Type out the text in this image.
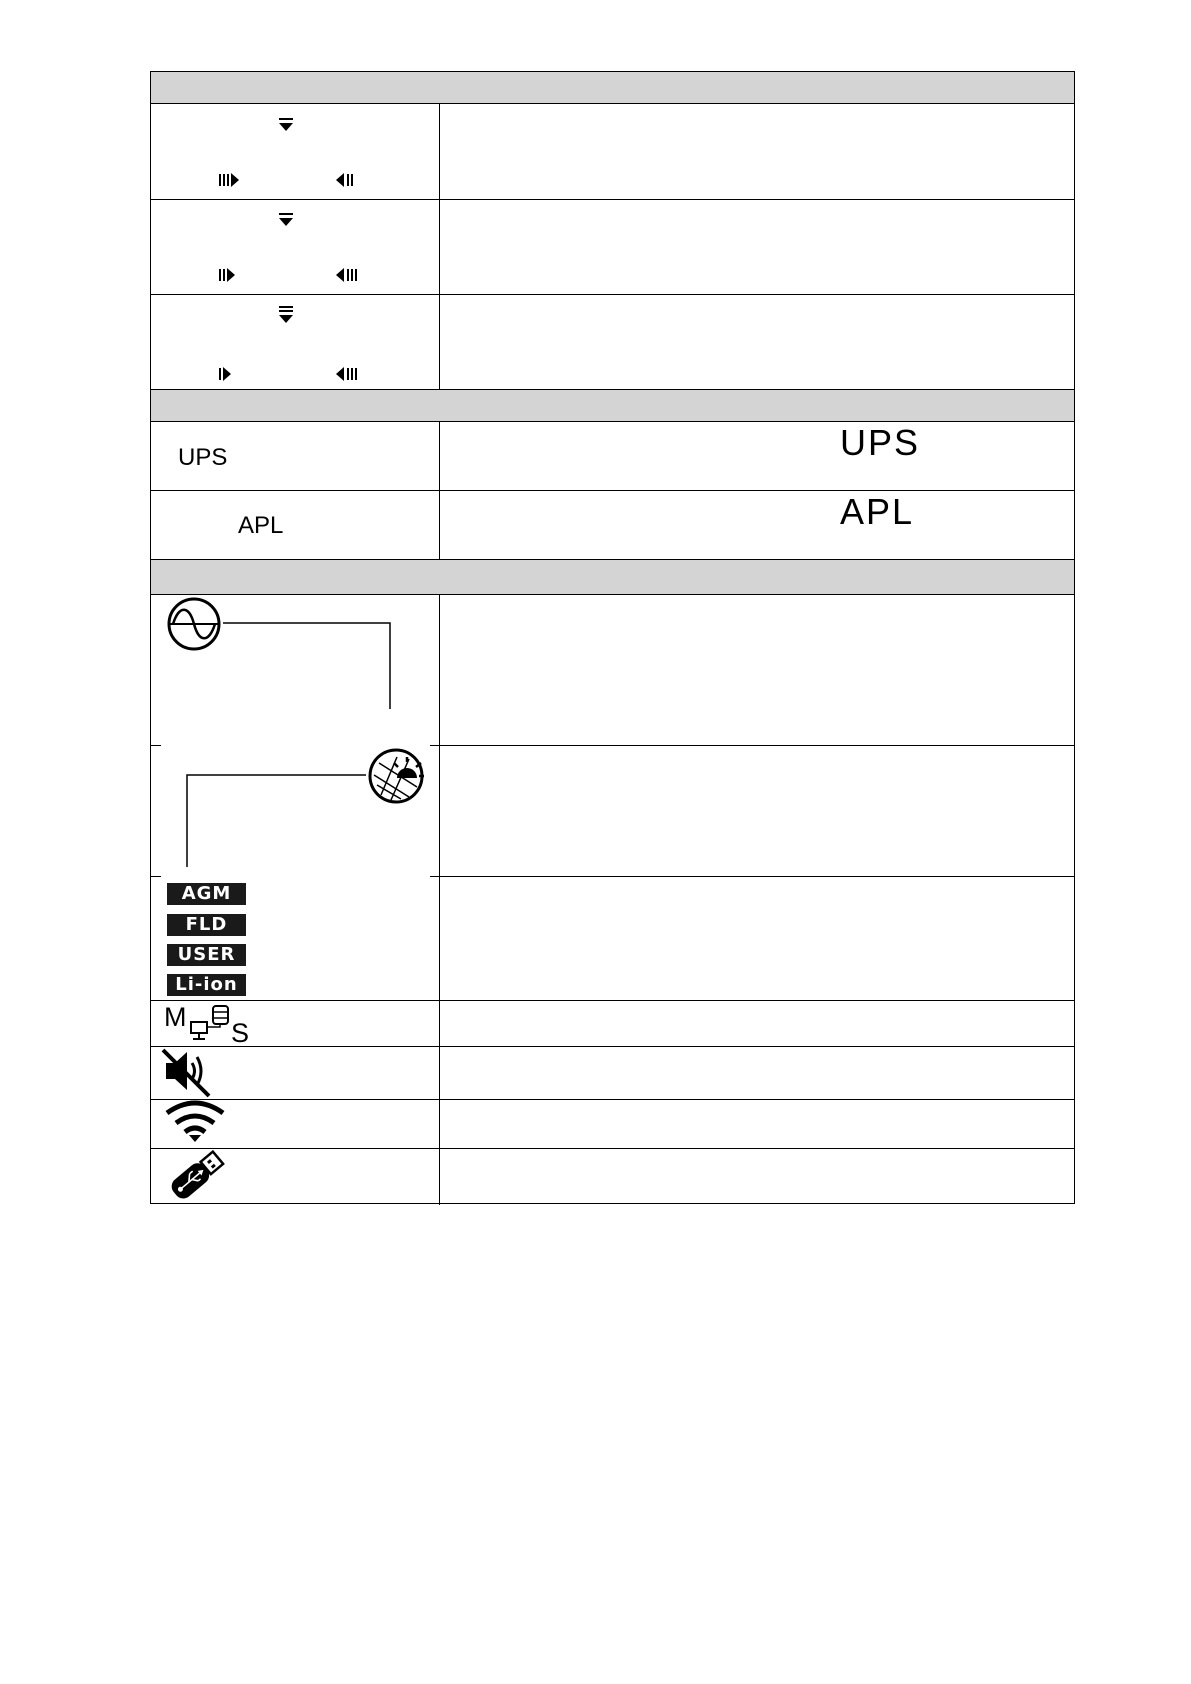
UPS	UPS
APL	APL
AGM
FLD
USER
Li-ion
M
S
